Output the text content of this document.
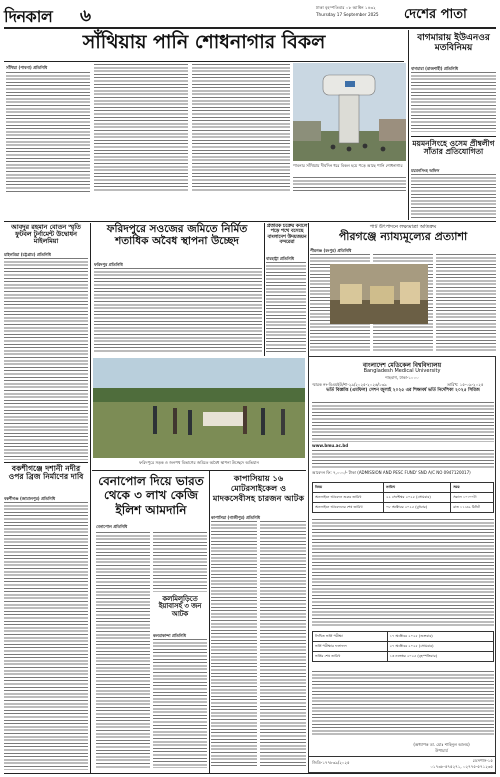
দিনকাল ৬	ঢাকা বৃহস্পতিবার ০৮ আশ্বিন ১৪৩২
Thursday 17 September 2025 দেশের পাতা
সাঁথিয়ায় পানি শোধনাগার বিকল
সাঁথিয়া (পাবনা) প্রতিনিধি
পাবনার সাঁথিয়ায় দীর্ঘদিন ধরে বিকল হয়ে পড়ে আছে পানি শোধনাগার
বাগমারায় ইউএনওর মতবিনিময়
বাগমারা (রাজশাহী) প্রতিনিধি
ময়মনসিংহে ওসেম প্রীম্বলীগ সাঁতার প্রতিযোগিতা
ময়মনসিংহ অফিস
আবদুর রহমান বোতন স্মৃতি ফুটবল টুর্নামেন্ট উদ্বোধন মাইলমিয়া
মাইলমিয়া (চট্টগ্রাম) প্রতিনিধি
বকশীগঞ্জে দশানী নদীর ওপর ব্রিজ নির্মাণের দাবি
বকশীগঞ্জ (জামালপুর) প্রতিনিধি
ফরিদপুরে সওজের জমিতে নির্মিত শতাধিক অবৈধ স্থাপনা উচ্ছেদ
ফরিদপুর প্রতিনিধি
ফরিদপুরে সড়ক ও জনপথ বিভাগের জমিতে অবৈধ স্থাপনা উচ্ছেদে অভিযান
প্রতারক চক্রের কবলে পড়ে পথে বসেছে বাংলাদেশ উদয়জয়ন বন্দরেরা
বারহাট্টা প্রতিনিধি
পাট উৎপাদনে লক্ষ্যমাত্রা অতিক্রম
পীরগঞ্জে ন্যায্যমূল্যের প্রত্যাশা
পীরগঞ্জ (রংপুর) প্রতিনিধি
বাংলাদেশ মেডিকেল বিশ্ববিদ্যালয়
Bangladesh Medical University
শাহবাগ, ঢাকা-১০০০
স্মারক নং-বিএমইউ/শা-২৯/২০২৫-২০২৬/১৩৯	তারিখ: ১৫-০৯-২০২৫
ভর্তি বিজ্ঞপ্তি (এমফিল) সেশন জুলাই ২০২৫ এর শিক্ষাবর্ষ ভর্তি নির্দেশিকা ২০২৫ সিরিজ
www.bmu.ac.bd
আবেদন ফি: ৭,০০০/- টাকা (ADMISSION AND PESC FUND' SND A/C NO 0947120017)
বিষয়	তারিখ	সময়
অনলাইনে আবেদন শুরুর তারিখ	২২ সেপ্টেম্বর ২০২৫ (সোমবার)	সকাল ১০:০০টা
অনলাইনে আবেদনের শেষ তারিখ	০৮ অক্টোবর ২০২৫ (বুধবার)	রাত ১১:৫৯ মিনিট
লিখিত ভর্তি পরীক্ষা	১৭ অক্টোবর ২০২৫ (শুক্রবার)
ভর্তি পরীক্ষার ফলাফল	২৭ অক্টোবর ২০২৫ (সোমবার)
ভর্তির শেষ তারিখ	১৩ নভেম্বর ২০২৫ (বৃহস্পতিবার)
(অধ্যাপক ডা. মোঃ শাহিনুল আলম)
উপাচার্য
জিডি-১৭৭৮৩৯/২০২৫	ডেসপাস-১৫
০১৭৩৮-৫৭৫২৭১, ০২৭৭৫-৫৭১২৩৫
বেনাপোল দিয়ে ভারত থেকে ৩ লাখ কেজি ইলিশ আমদানি
বেনাপোল প্রতিনিধি
কলমিলুড়িতে ইয়াবাসহ ৩ জন আটক
কলমাকান্দা প্রতিনিধি
কাপাসিয়ায় ১৬ মোটরসাইকেল ও মাদকসেবীসহ চারজন আটক
কাপাসিয়া (গাজীপুর) প্রতিনিধি
